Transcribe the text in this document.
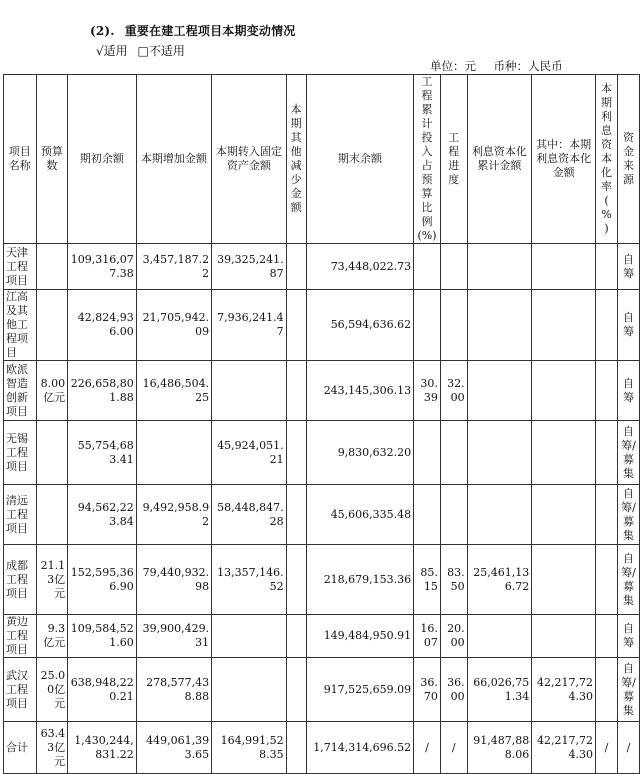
(2). 重要在建工程项目本期变动情况
√适用 □不适用
单位：元 币种：人民币
项目名称	预算数	期初余额	本期增加金额	本期转入固定资产金额	本期其他减少金额	期末余额	工程累计投入占预算比例(%)	工程进度	利息资本化累计金额	其中：本期利息资本化金额	本期利息资本化率(%)	资金来源
天津工程项目		109,316,077.38	3,457,187.22	39,325,241.87		73,448,022.73						自筹
江高及其他工程项目		42,824,936.00	21,705,942.09	7,936,241.47		56,594,636.62						自筹
欧派智造创新项目	8.00亿元	226,658,801.88	16,486,504.25			243,145,306.13	30.39	32.00				自筹
无锡工程项目		55,754,683.41		45,924,051.21		9,830,632.20						自筹/募集
清远工程项目		94,562,223.84	9,492,958.92	58,448,847.28		45,606,335.48						自筹/募集
成都工程项目	21.13亿元	152,595,366.90	79,440,932.98	13,357,146.52		218,679,153.36	85.15	83.50	25,461,136.72			自筹/募集
黄边工程项目	9.3亿元	109,584,521.60	39,900,429.31			149,484,950.91	16.07	20.00				自筹
武汉工程项目	25.00亿元	638,948,220.21	278,577,438.88			917,525,659.09	36.70	36.00	66,026,751.34	42,217,724.30		自筹/募集
合计	63.43亿元	1,430,244,831.22	449,061,393.65	164,991,528.35		1,714,314,696.52	/	/	91,487,888.06	42,217,724.30	/	/
